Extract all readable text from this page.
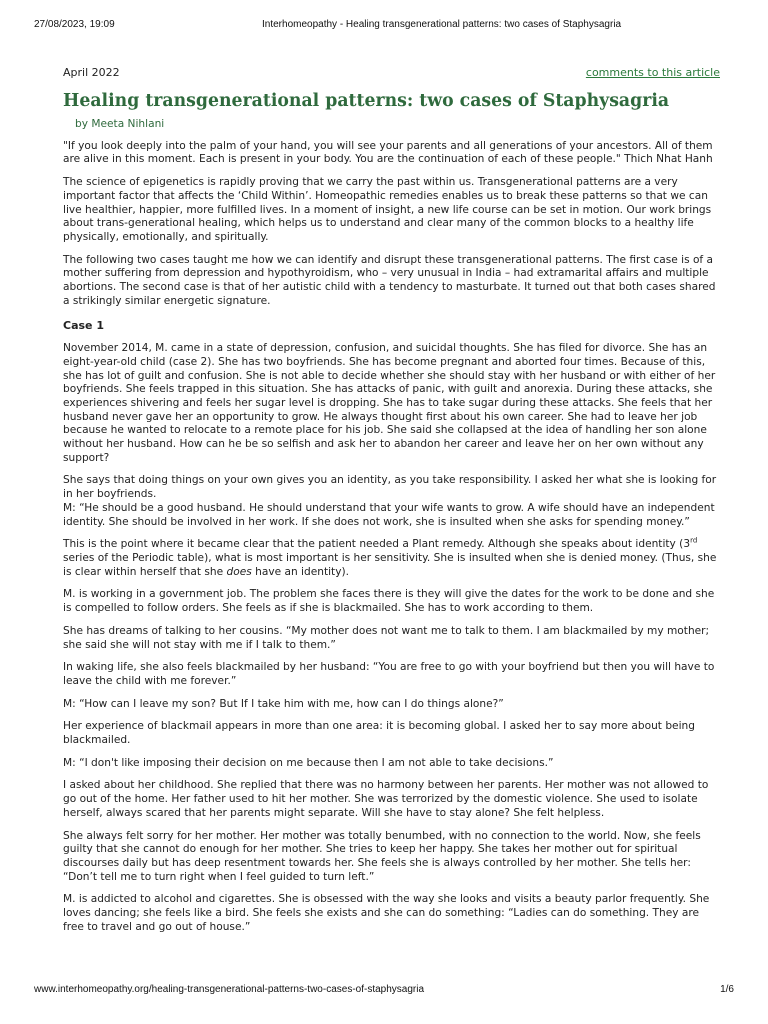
27/08/2023, 19:09	Interhomeopathy - Healing transgenerational patterns: two cases of Staphysagria
April 2022	comments to this article
Healing transgenerational patterns: two cases of Staphysagria
by Meeta Nihlani

"If you look deeply into the palm of your hand, you will see your parents and all generations of your ancestors. All of them are alive in this moment. Each is present in your body. You are the continuation of each of these people." Thich Nhat Hanh

The science of epigenetics is rapidly proving that we carry the past within us. Transgenerational patterns are a very important factor that affects the ‘Child Within’. Homeopathic remedies enables us to break these patterns so that we can live healthier, happier, more fulfilled lives. In a moment of insight, a new life course can be set in motion. Our work brings about trans-generational healing, which helps us to understand and clear many of the common blocks to a healthy life physically, emotionally, and spiritually.

The following two cases taught me how we can identify and disrupt these transgenerational patterns. The first case is of a mother suffering from depression and hypothyroidism, who – very unusual in India – had extramarital affairs and multiple abortions. The second case is that of her autistic child with a tendency to masturbate. It turned out that both cases shared a strikingly similar energetic signature.

Case 1

November 2014, M. came in a state of depression, confusion, and suicidal thoughts. She has filed for divorce. She has an eight-year-old child (case 2). She has two boyfriends. She has become pregnant and aborted four times. Because of this, she has lot of guilt and confusion. She is not able to decide whether she should stay with her husband or with either of her boyfriends. She feels trapped in this situation. She has attacks of panic, with guilt and anorexia. During these attacks, she experiences shivering and feels her sugar level is dropping. She has to take sugar during these attacks. She feels that her husband never gave her an opportunity to grow. He always thought first about his own career. She had to leave her job because he wanted to relocate to a remote place for his job. She said she collapsed at the idea of handling her son alone without her husband. How can he be so selfish and ask her to abandon her career and leave her on her own without any support?

She says that doing things on your own gives you an identity, as you take responsibility. I asked her what she is looking for in her boyfriends.
M: “He should be a good husband. He should understand that your wife wants to grow. A wife should have an independent identity. She should be involved in her work. If she does not work, she is insulted when she asks for spending money.”

This is the point where it became clear that the patient needed a Plant remedy. Although she speaks about identity (3rd series of the Periodic table), what is most important is her sensitivity. She is insulted when she is denied money. (Thus, she is clear within herself that she does have an identity).

M. is working in a government job. The problem she faces there is they will give the dates for the work to be done and she is compelled to follow orders. She feels as if she is blackmailed. She has to work according to them.

She has dreams of talking to her cousins. “My mother does not want me to talk to them. I am blackmailed by my mother; she said she will not stay with me if I talk to them.”

In waking life, she also feels blackmailed by her husband: “You are free to go with your boyfriend but then you will have to leave the child with me forever.”

M: “How can I leave my son? But If I take him with me, how can I do things alone?”

Her experience of blackmail appears in more than one area: it is becoming global. I asked her to say more about being blackmailed.

M: “I don't like imposing their decision on me because then I am not able to take decisions.”

I asked about her childhood. She replied that there was no harmony between her parents. Her mother was not allowed to go out of the home. Her father used to hit her mother. She was terrorized by the domestic violence. She used to isolate herself, always scared that her parents might separate. Will she have to stay alone? She felt helpless.

She always felt sorry for her mother. Her mother was totally benumbed, with no connection to the world. Now, she feels guilty that she cannot do enough for her mother. She tries to keep her happy. She takes her mother out for spiritual discourses daily but has deep resentment towards her. She feels she is always controlled by her mother. She tells her: “Don’t tell me to turn right when I feel guided to turn left.”

M. is addicted to alcohol and cigarettes. She is obsessed with the way she looks and visits a beauty parlor frequently. She loves dancing; she feels like a bird. She feels she exists and she can do something: “Ladies can do something. They are free to travel and go out of house.”

www.interhomeopathy.org/healing-transgenerational-patterns-two-cases-of-staphysagria	1/6
